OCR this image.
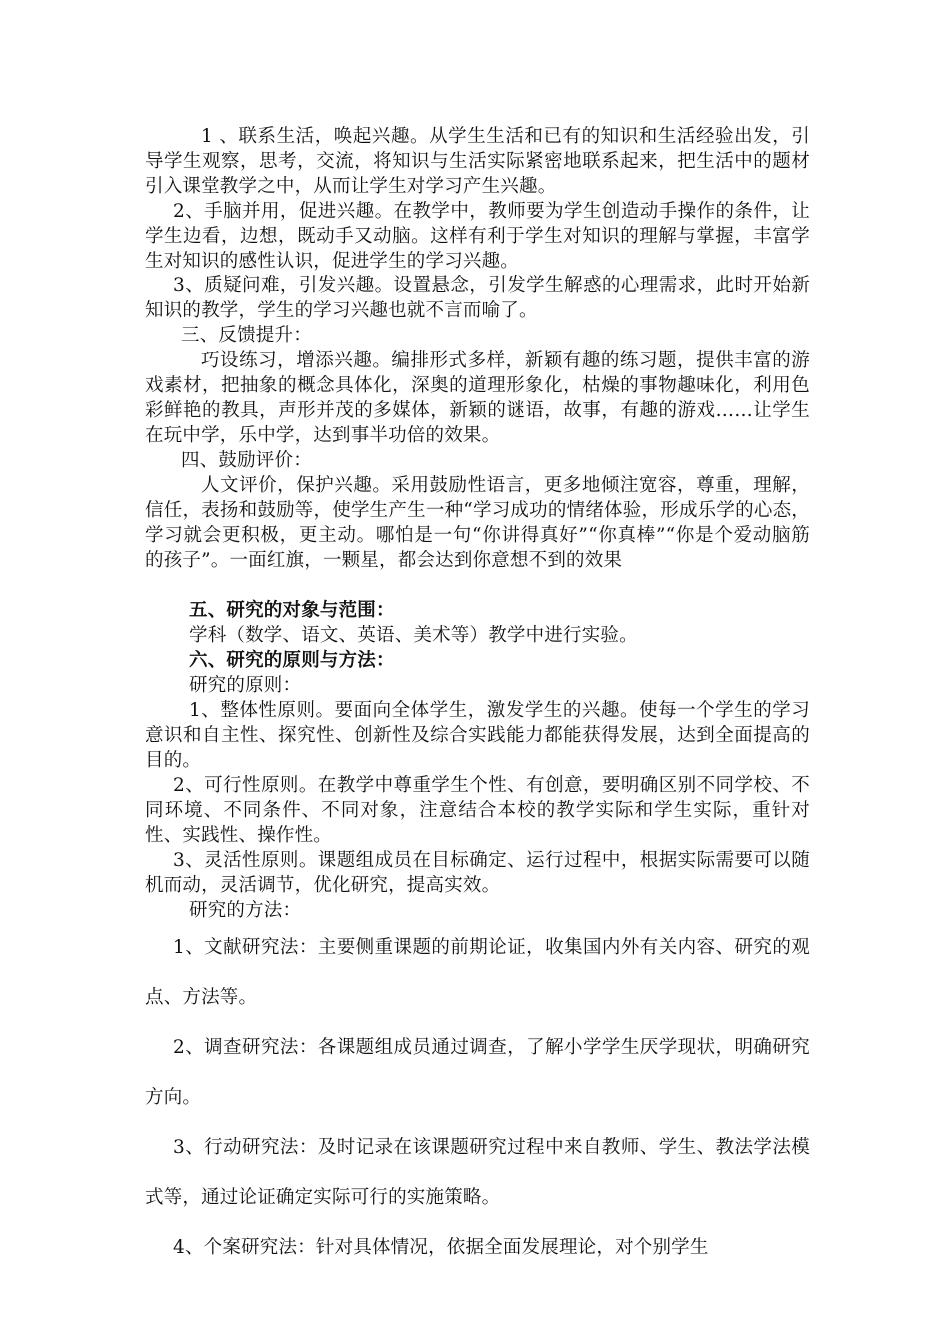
1 、联系生活，唤起兴趣。从学生生活和已有的知识和生活经验出发，引导学生观察，思考，交流，将知识与生活实际紧密地联系起来，把生活中的题材引入课堂教学之中，从而让学生对学习产生兴趣。
2、手脑并用，促进兴趣。在教学中，教师要为学生创造动手操作的条件，让学生边看，边想，既动手又动脑。这样有利于学生对知识的理解与掌握，丰富学生对知识的感性认识，促进学生的学习兴趣。
3、质疑问难，引发兴趣。设置悬念，引发学生解惑的心理需求，此时开始新知识的教学，学生的学习兴趣也就不言而喻了。
三、反馈提升：
巧设练习，增添兴趣。编排形式多样，新颖有趣的练习题，提供丰富的游戏素材，把抽象的概念具体化，深奥的道理形象化，枯燥的事物趣味化，利用色彩鲜艳的教具，声形并茂的多媒体，新颖的谜语，故事，有趣的游戏……让学生在玩中学，乐中学，达到事半功倍的效果。
四、鼓励评价：
人文评价，保护兴趣。采用鼓励性语言，更多地倾注宽容，尊重，理解，信任，表扬和鼓励等，使学生产生一种“学习成功的情绪体验，形成乐学的心态，学习就会更积极，更主动。哪怕是一句“你讲得真好”“你真棒”“你是个爱动脑筋的孩子”。一面红旗，一颗星，都会达到你意想不到的效果
五、研究的对象与范围：
学科（数学、语文、英语、美术等）教学中进行实验。
六、研究的原则与方法：
研究的原则：
1、整体性原则。要面向全体学生，激发学生的兴趣。使每一个学生的学习意识和自主性、探究性、创新性及综合实践能力都能获得发展，达到全面提高的目的。
2、可行性原则。在教学中尊重学生个性、有创意，要明确区别不同学校、不同环境、不同条件、不同对象，注意结合本校的教学实际和学生实际，重针对性、实践性、操作性。
3、灵活性原则。课题组成员在目标确定、运行过程中，根据实际需要可以随机而动，灵活调节，优化研究，提高实效。
研究的方法：
1、文献研究法：主要侧重课题的前期论证，收集国内外有关内容、研究的观点、方法等。
2、调查研究法：各课题组成员通过调查，了解小学学生厌学现状，明确研究方向。
3、行动研究法：及时记录在该课题研究过程中来自教师、学生、教法学法模式等，通过论证确定实际可行的实施策略。
4、个案研究法：针对具体情况，依据全面发展理论，对个别学生
